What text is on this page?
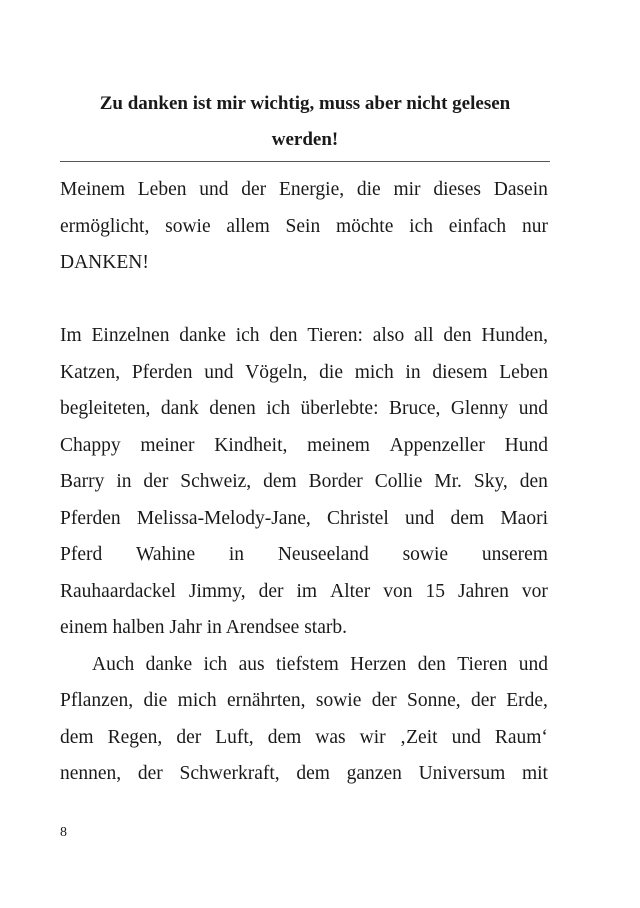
Zu danken ist mir wichtig, muss aber nicht gelesen
werden!
Meinem Leben und der Energie, die mir dieses Dasein
ermöglicht, sowie allem Sein möchte ich einfach nur
DANKEN!
Im Einzelnen danke ich den Tieren: also all den Hunden,
Katzen, Pferden und Vögeln, die mich in diesem Leben
begleiteten, dank denen ich überlebte: Bruce, Glenny und
Chappy meiner Kindheit, meinem Appenzeller Hund
Barry in der Schweiz, dem Border Collie Mr. Sky, den
Pferden Melissa-Melody-Jane, Christel und dem Maori
Pferd Wahine in Neuseeland sowie unserem
Rauhaardackel Jimmy, der im Alter von 15 Jahren vor
einem halben Jahr in Arendsee starb.
Auch danke ich aus tiefstem Herzen den Tieren und
Pflanzen, die mich ernährten, sowie der Sonne, der Erde,
dem Regen, der Luft, dem was wir ‚Zeit und Raum‘
nennen, der Schwerkraft, dem ganzen Universum mit
8
